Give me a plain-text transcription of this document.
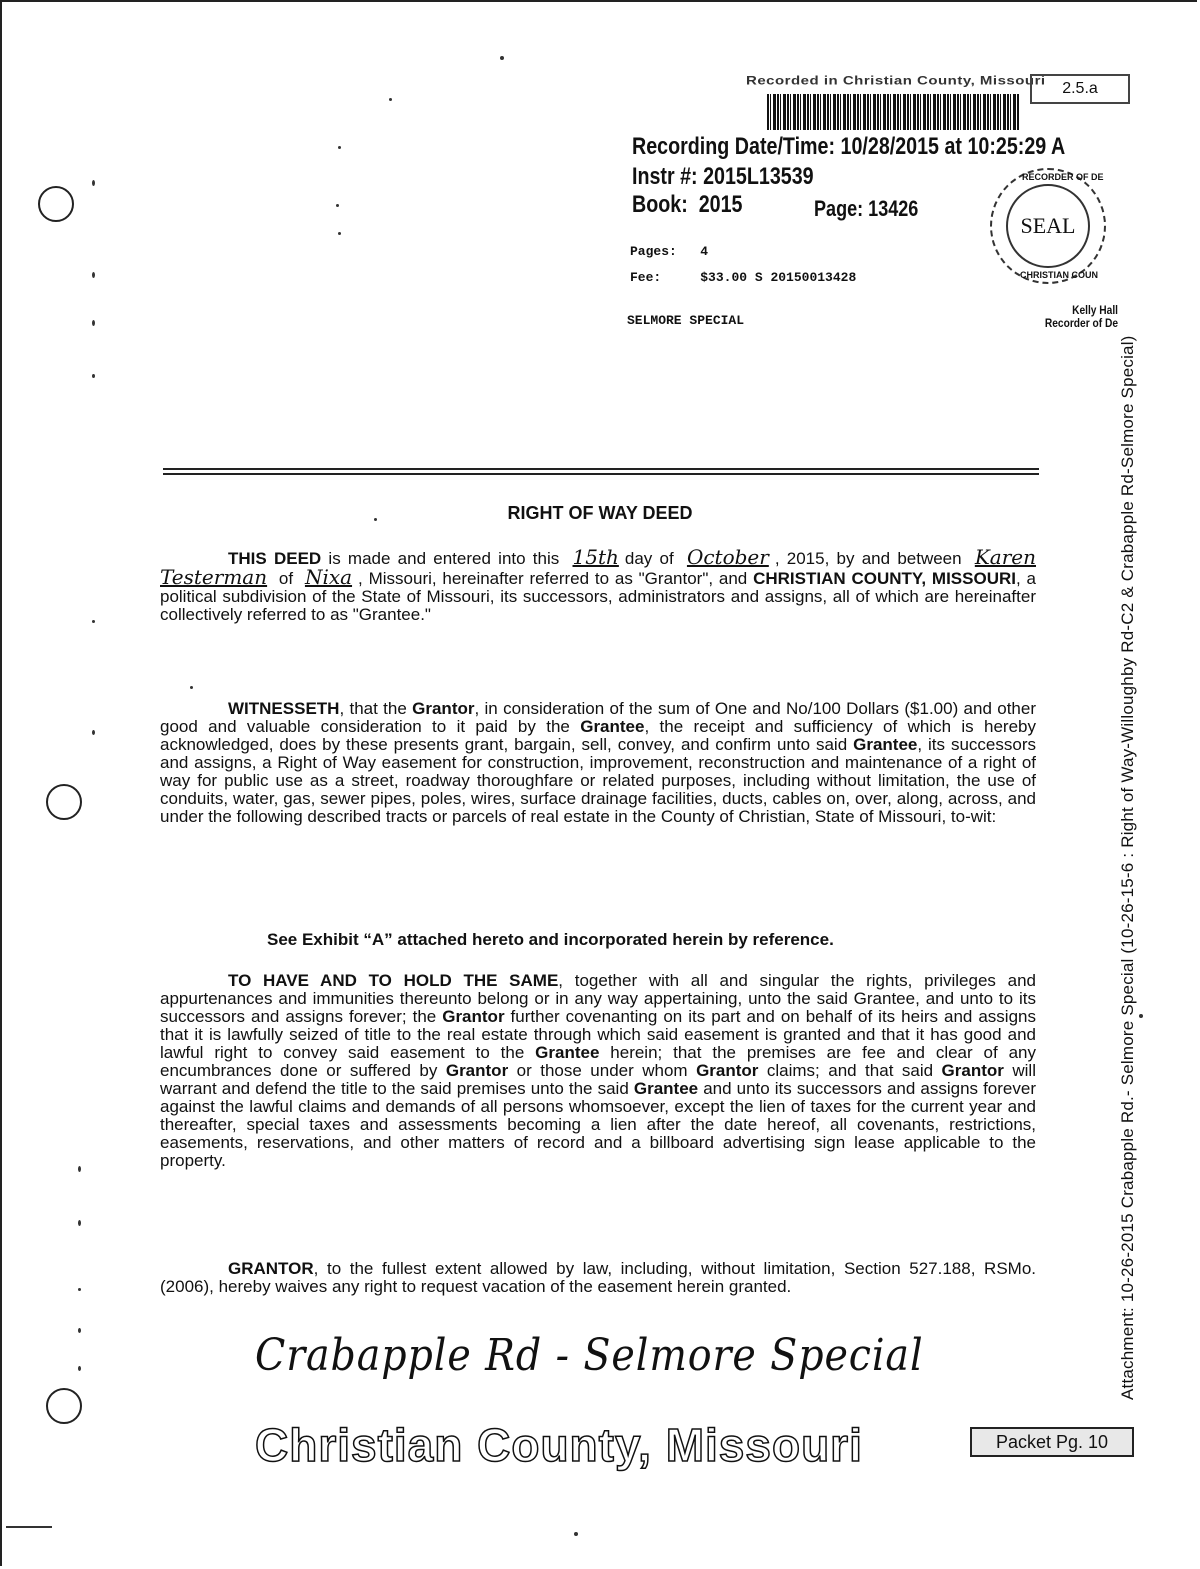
Recorded in Christian County, Missouri	2.5.a
Recording Date/Time: 10/28/2015 at 10:25:29 A
Instr #: 2015L13539
Book: 2015	Page: 13426
Pages: 4
Fee:	$33.00 S 20150013428
SELMORE SPECIAL
RECORDER OF DE
SEAL
CHRISTIAN COUN
Kelly Hall
Recorder of De
Attachment: 10-26-2015 Crabapple Rd.- Selmore Special (10-26-15-6 : Right of Way-Willoughby Rd-C2 & Crabapple Rd-Selmore Special)
RIGHT OF WAY DEED
THIS DEED is made and entered into this 15th day of October , 2015, by and between Karen Testerman of Nixa , Missouri, hereinafter referred to as "Grantor", and CHRISTIAN COUNTY, MISSOURI, a political subdivision of the State of Missouri, its successors, administrators and assigns, all of which are hereinafter collectively referred to as "Grantee."
WITNESSETH, that the Grantor, in consideration of the sum of One and No/100 Dollars ($1.00) and other good and valuable consideration to it paid by the Grantee, the receipt and sufficiency of which is hereby acknowledged, does by these presents grant, bargain, sell, convey, and confirm unto said Grantee, its successors and assigns, a Right of Way easement for construction, improvement, reconstruction and maintenance of a right of way for public use as a street, roadway thoroughfare or related purposes, including without limitation, the use of conduits, water, gas, sewer pipes, poles, wires, surface drainage facilities, ducts, cables on, over, along, across, and under the following described tracts or parcels of real estate in the County of Christian, State of Missouri, to-wit:
See Exhibit “A” attached hereto and incorporated herein by reference.
TO HAVE AND TO HOLD THE SAME, together with all and singular the rights, privileges and appurtenances and immunities thereunto belong or in any way appertaining, unto the said Grantee, and unto to its successors and assigns forever; the Grantor further covenanting on its part and on behalf of its heirs and assigns that it is lawfully seized of title to the real estate through which said easement is granted and that it has good and lawful right to convey said easement to the Grantee herein; that the premises are fee and clear of any encumbrances done or suffered by Grantor or those under whom Grantor claims; and that said Grantor will warrant and defend the title to the said premises unto the said Grantee and unto its successors and assigns forever against the lawful claims and demands of all persons whomsoever, except the lien of taxes for the current year and thereafter, special taxes and assessments becoming a lien after the date hereof, all covenants, restrictions, easements, reservations, and other matters of record and a billboard advertising sign lease applicable to the property.
GRANTOR, to the fullest extent allowed by law, including, without limitation, Section 527.188, RSMo. (2006), hereby waives any right to request vacation of the easement herein granted.
Crabapple Rd - Selmore Special
Christian County, Missouri	Packet Pg. 10
